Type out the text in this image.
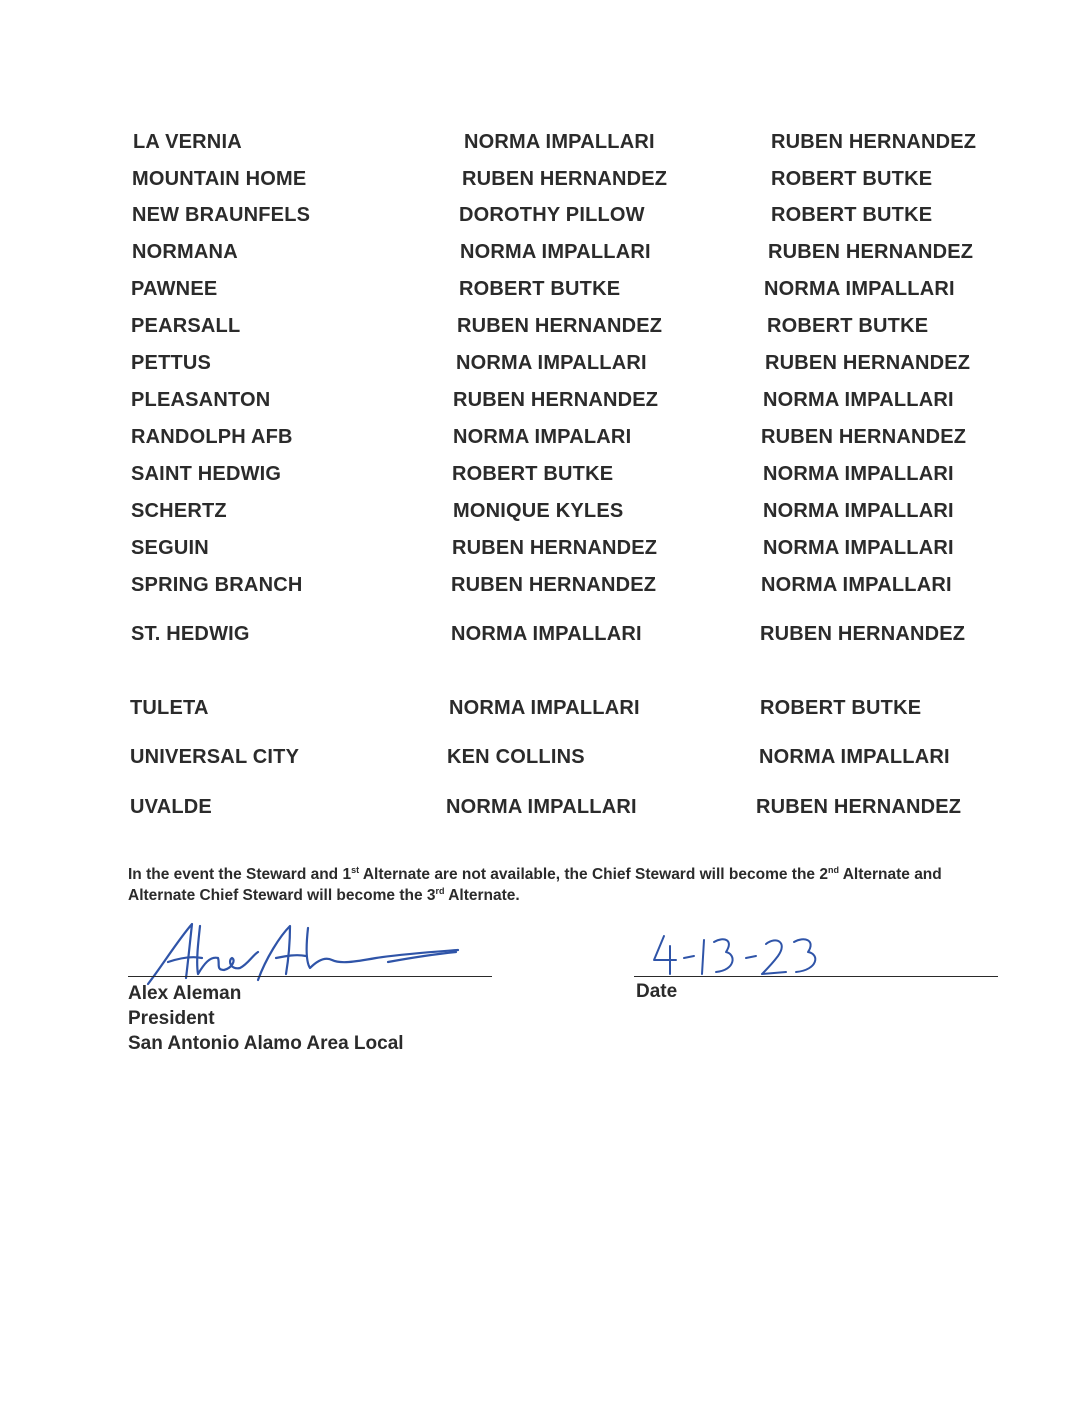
LA VERNIA	NORMA IMPALLARI	RUBEN HERNANDEZ
MOUNTAIN HOME	RUBEN HERNANDEZ	ROBERT BUTKE
NEW BRAUNFELS	DOROTHY PILLOW	ROBERT BUTKE
NORMANA	NORMA IMPALLARI	RUBEN HERNANDEZ
PAWNEE	ROBERT BUTKE	NORMA IMPALLARI
PEARSALL	RUBEN HERNANDEZ	ROBERT BUTKE
PETTUS	NORMA IMPALLARI	RUBEN HERNANDEZ
PLEASANTON	RUBEN HERNANDEZ	NORMA IMPALLARI
RANDOLPH AFB	NORMA IMPALARI	RUBEN HERNANDEZ
SAINT HEDWIG	ROBERT BUTKE	NORMA IMPALLARI
SCHERTZ	MONIQUE KYLES	NORMA IMPALLARI
SEGUIN	RUBEN HERNANDEZ	NORMA IMPALLARI
SPRING BRANCH	RUBEN HERNANDEZ	NORMA IMPALLARI
ST. HEDWIG	NORMA IMPALLARI	RUBEN HERNANDEZ
TULETA	NORMA IMPALLARI	ROBERT BUTKE
UNIVERSAL CITY	KEN COLLINS	NORMA IMPALLARI
UVALDE	NORMA IMPALLARI	RUBEN HERNANDEZ
In the event the Steward and 1st Alternate are not available, the Chief Steward will become the 2nd Alternate and Alternate Chief Steward will become the 3rd Alternate.
Alex Aleman
President
San Antonio Alamo Area Local
Date
